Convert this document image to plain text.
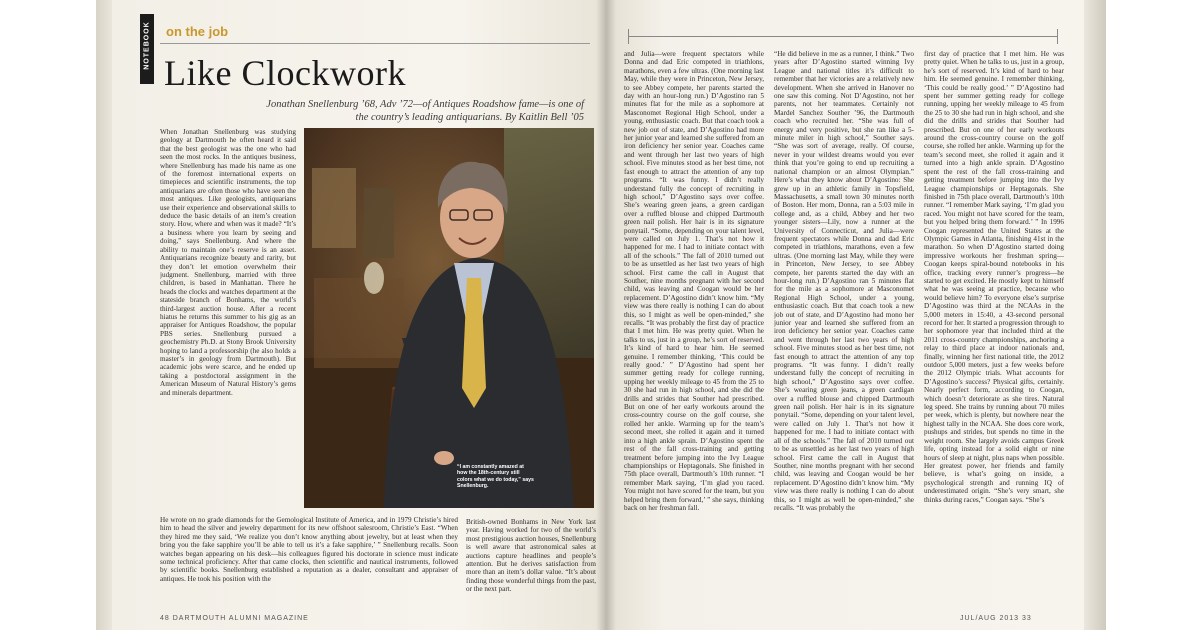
NOTEBOOK on the job
Like Clockwork
Jonathan Snellenburg ’68, Adv ’72—of Antiques Roadshow fame—is one of the country’s leading antiquarians. By Kaitlin Bell ’05

When Jonathan Snellenburg was studying geology at Dartmouth he often heard it said that the best geologist was the one who had seen the most rocks. In the antiques business, where Snellenburg has made his name as one of the foremost international experts on timepieces and scientific instruments, the top antiquarians are often those who have seen the most antiques. Like geologists, antiquarians use their experience and observational skills to deduce the basic details of an item’s creation story. How, where and when was it made? “It’s a business where you learn by seeing and doing,” says Snellenburg. And where the ability to maintain one’s reserve is an asset. Antiquarians recognize beauty and rarity, but they don’t let emotion overwhelm their judgment. Snellenburg, married with three children, is based in Manhattan. There he heads the clocks and watches department at the stateside branch of Bonhams, the world’s third-largest auction house. After a recent hiatus he returns this summer to his gig as an appraiser for Antiques Roadshow, the popular PBS series. Snellenburg pursued a geochemistry Ph.D. at Stony Brook University hoping to land a professorship (he also holds a master’s in geology from Dartmouth). But academic jobs were scarce, and he ended up taking a postdoctoral assignment in the American Museum of Natural History’s gems and minerals department.

“I am constantly amazed at how the 18th-century still colors what we do today,” says Snellenburg.

He wrote on no grade diamonds for the Gemological Institute of America, and in 1979 Christie’s hired him to head the silver and jewelry department for its new offshoot salesroom, Christie’s East. “When they hired me they said, ‘We realize you don’t know anything about jewelry, but at least when they bring you the fake sapphire you’ll be able to tell us it’s a fake sapphire,’ ” Snellenburg recalls. Soon watches began appearing on his desk—his colleagues figured his doctorate in science must indicate some technical proficiency. After that came clocks, then scientific and nautical instruments, followed by scientific books. Snellenburg established a reputation as a dealer, consultant and appraiser of antiques. He took his position with the

British-owned Bonhams in New York last year. Having worked for two of the world’s most prestigious auction houses, Snellenburg is well aware that astronomical sales at auctions capture headlines and people’s attention. But he derives satisfaction from more than an item’s dollar value. “It’s about finding those wonderful things from the past, or the next part.

48 DARTMOUTH ALUMNI MAGAZINE

and Julia—were frequent spectators while Donna and dad Eric competed in triathlons, marathons, even a few ultras. (One morning last May, while they were in Princeton, New Jersey, to see Abbey compete, her parents started the day with an hour-long run.) D’Agostino ran 5 minutes flat for the mile as a sophomore at Masconomet Regional High School, under a young, enthusiastic coach. But that coach took a new job out of state, and D’Agostino had more her junior year and learned she suffered from an iron deficiency her senior year. Coaches came and went through her last two years of high school. Five minutes stood as her best time, not fast enough to attract the attention of any top programs. “It was funny. I didn’t really understand fully the concept of recruiting in high school,” D’Agostino says over coffee. She’s wearing green jeans, a green cardigan over a ruffled blouse and chipped Dartmouth green nail polish. Her hair is in its signature ponytail. “Some, depending on your talent level, were called on July 1. That’s not how it happened for me. I had to initiate contact with all of the schools.” The fall of 2010 turned out to be as unsettled as her last two years of high school. First came the call in August that Souther, nine months pregnant with her second child, was leaving and Coogan would be her replacement. D’Agostino didn’t know him. “My view was there really is nothing I can do about this, so I might as well be open-minded,” she recalls. “It was probably the first day of practice that I met him. He was pretty quiet. When he talks to us, just in a group, he’s sort of reserved. It’s kind of hard to hear him. He seemed genuine. I remember thinking, ‘This could be really good.’ ” D’Agostino had spent her summer getting ready for college running, upping her weekly mileage to 45 from the 25 to 30 she had run in high school, and she did the drills and strides that Souther had prescribed. But on one of her early workouts around the cross-country course on the golf course, she rolled her ankle. Warming up for the team’s second meet, she rolled it again and it turned into a high ankle sprain. D’Agostino spent the rest of the fall cross-training and getting treatment before jumping into the Ivy League championships or Heptagonals. She finished in 75th place overall, Dartmouth’s 10th runner. “I remember Mark saying, ‘I’m glad you raced. You might not have scored for the team, but you helped bring them forward,’ ” she says, thinking back on her freshman fall.

“He did believe in me as a runner, I think.” Two years after D’Agostino started winning Ivy League and national titles it’s difficult to remember that her victories are a relatively new development. When she arrived in Hanover no one saw this coming. Not D’Agostino, not her parents, not her teammates. Certainly not Mardel Sanchez Souther ’96, the Dartmouth coach who recruited her. “She was full of energy and very positive, but she ran like a 5-minute miler in high school,” Souther says. “She was sort of average, really. Of course, never in your wildest dreams would you ever think that you’re going to end up recruiting a national champion or an almost Olympian.” Here’s what they know about D’Agostino: She grew up in an athletic family in Topsfield, Massachusetts, a small town 30 minutes north of Boston. Her mom, Donna, ran a 5:03 mile in college and, as a child, Abbey and her two younger sisters—Lily, now a runner at the University of Connecticut, and Julia—were frequent spectators while Donna and dad Eric competed in triathlons, marathons, even a few ultras. (One morning last May, while they were in Princeton, New Jersey, to see Abbey compete, her parents started the day with an hour-long run.) D’Agostino ran 5 minutes flat for the mile as a sophomore at Masconomet Regional High School, under a young, enthusiastic coach. But that coach took a new job out of state, and D’Agostino had mono her junior year and learned she suffered from an iron deficiency her senior year. Coaches came and went through her last two years of high school. Five minutes stood as her best time, not fast enough to attract the attention of any top programs. “It was funny. I didn’t really understand fully the concept of recruiting in high school,” D’Agostino says over coffee. She’s wearing green jeans, a green cardigan over a ruffled blouse and chipped Dartmouth green nail polish. Her hair is in its signature ponytail. “Some, depending on your talent level, were called on July 1. That’s not how it happened for me. I had to initiate contact with all of the schools.” The fall of 2010 turned out to be as unsettled as her last two years of high school. First came the call in August that Souther, nine months pregnant with her second child, was leaving and Coogan would be her replacement. D’Agostino didn’t know him. “My view was there really is nothing I can do about this, so I might as well be open-minded,” she recalls. “It was probably the

first day of practice that I met him. He was pretty quiet. When he talks to us, just in a group, he’s sort of reserved. It’s kind of hard to hear him. He seemed genuine. I remember thinking, ‘This could be really good.’ ” D’Agostino had spent her summer getting ready for college running, upping her weekly mileage to 45 from the 25 to 30 she had run in high school, and she did the drills and strides that Souther had prescribed. But on one of her early workouts around the cross-country course on the golf course, she rolled her ankle. Warming up for the team’s second meet, she rolled it again and it turned into a high ankle sprain. D’Agostino spent the rest of the fall cross-training and getting treatment before jumping into the Ivy League championships or Heptagonals. She finished in 75th place overall, Dartmouth’s 10th runner. “I remember Mark saying, ‘I’m glad you raced. You might not have scored for the team, but you helped bring them forward.’ ” In 1996 Coogan represented the United States at the Olympic Games in Atlanta, finishing 41st in the marathon. So when D’Agostino started doing impressive workouts her freshman spring—Coogan keeps spiral-bound notebooks in his office, tracking every runner’s progress—he started to get excited. He mostly kept to himself what he was seeing at practice, because who would believe him? To everyone else’s surprise D’Agostino was third at the NCAAs in the 5,000 meters in 15:40, a 43-second personal record for her. It started a progression through to her sophomore year that included third at the 2011 cross-country championships, anchoring a relay to third place at indoor nationals and, finally, winning her first national title, the 2012 outdoor 5,000 meters, just a few weeks before the 2012 Olympic trials. What accounts for D’Agostino’s success? Physical gifts, certainly. Nearly perfect form, according to Coogan, which doesn’t deteriorate as she tires. Natural leg speed. She trains by running about 70 miles per week, which is plenty, but nowhere near the highest tally in the NCAA. She does core work, pushups and strides, but spends no time in the weight room. She largely avoids campus Greek life, opting instead for a solid eight or nine hours of sleep at night, plus naps when possible. Her greatest power, her friends and family believe, is what’s going on inside, a psychological strength and running IQ of underestimated origin. “She’s very smart, she thinks during races,” Coogan says. “She’s

JUL/AUG 2013 33
